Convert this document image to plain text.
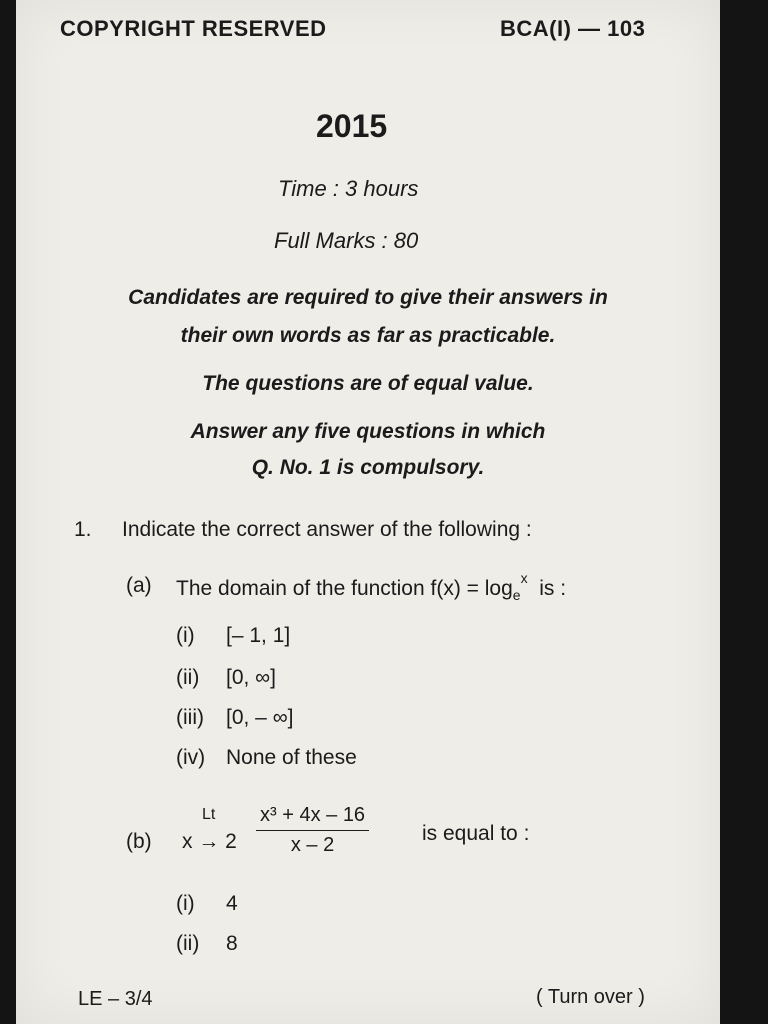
COPYRIGHT RESERVED	BCA(I) — 103
2015
Time : 3 hours
Full Marks : 80
Candidates are required to give their answers in
their own words as far as practicable.
The questions are of equal value.
Answer any five questions in which
Q. No. 1 is compulsory.
1. Indicate the correct answer of the following :
(a) The domain of the function $f(x) = \log_e^x$ is :
(i) [– 1, 1]
(ii) [0, ∞]
(iii) [0, – ∞]
(iv) None of these
(b)
Lt
x → 2
x³ + 4x – 16
x – 2	is equal to :
(i) 4
(ii) 8
LE – 3/4	( Turn over )
